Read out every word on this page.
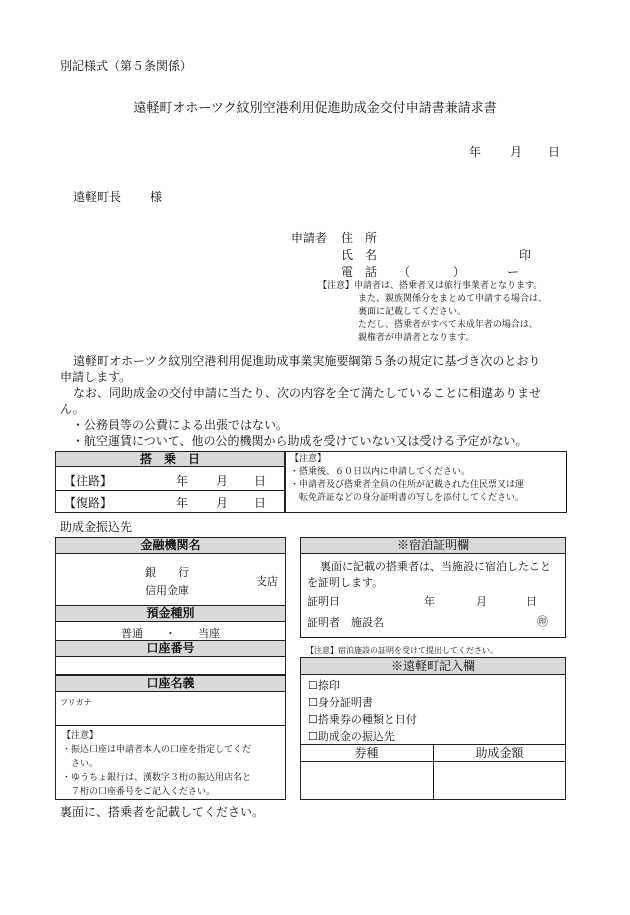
別記様式（第５条関係）
遠軽町オホーツク紋別空港利用促進助成金交付申請書兼請求書
年 月 日
遠軽町長 様
申請者 住　所
氏　名	印
電　話 （	）	ー
【注意】申請者は、搭乗者又は旅行事業者となります。
また、親族関係分をまとめて申請する場合は、
裏面に記載してください。
ただし、搭乗者がすべて未成年者の場合は、
親権者が申請者となります。
遠軽町オホーツク紋別空港利用促進助成事業実施要綱第５条の規定に基づき次のとおり
申請します。
なお、同助成金の交付申請に当たり、次の内容を全て満たしていることに相違ありませ
ん。
・公務員等の公費による出張ではない。
・航空運賃について、他の公的機関から助成を受けていない又は受ける予定がない。
搭　乗　日
【往路】	年 月 日
【復路】	年 月 日
【注意】
・搭乗後、６０日以内に申請してください。
・申請者及び搭乗者全員の住所が記載された住民票又は運
転免許証などの身分証明書の写しを添付してください。
助成金振込先
金融機関名
銀　　行
信用金庫
支店
預金種別
普通　　・　　当座
口座番号
口座名義
フリガナ
【注意】
・振込口座は申請者本人の口座を指定してくだ
さい。
・ゆうちょ銀行は、漢数字３桁の振込用店名と
７桁の口座番号をご記入ください。
※宿泊証明欄
裏面に記載の搭乗者は、当施設に宿泊したこと
を証明します。
証明日	年	月	日
証明者　施設名	㊞
【注意】宿泊施設の証明を受けて提出してください。
※遠軽町記入欄
☐捺印
☐身分証明書
☐搭乗券の種類と日付
☐助成金の振込先
券種	助成金額
裏面に、搭乗者を記載してください。
